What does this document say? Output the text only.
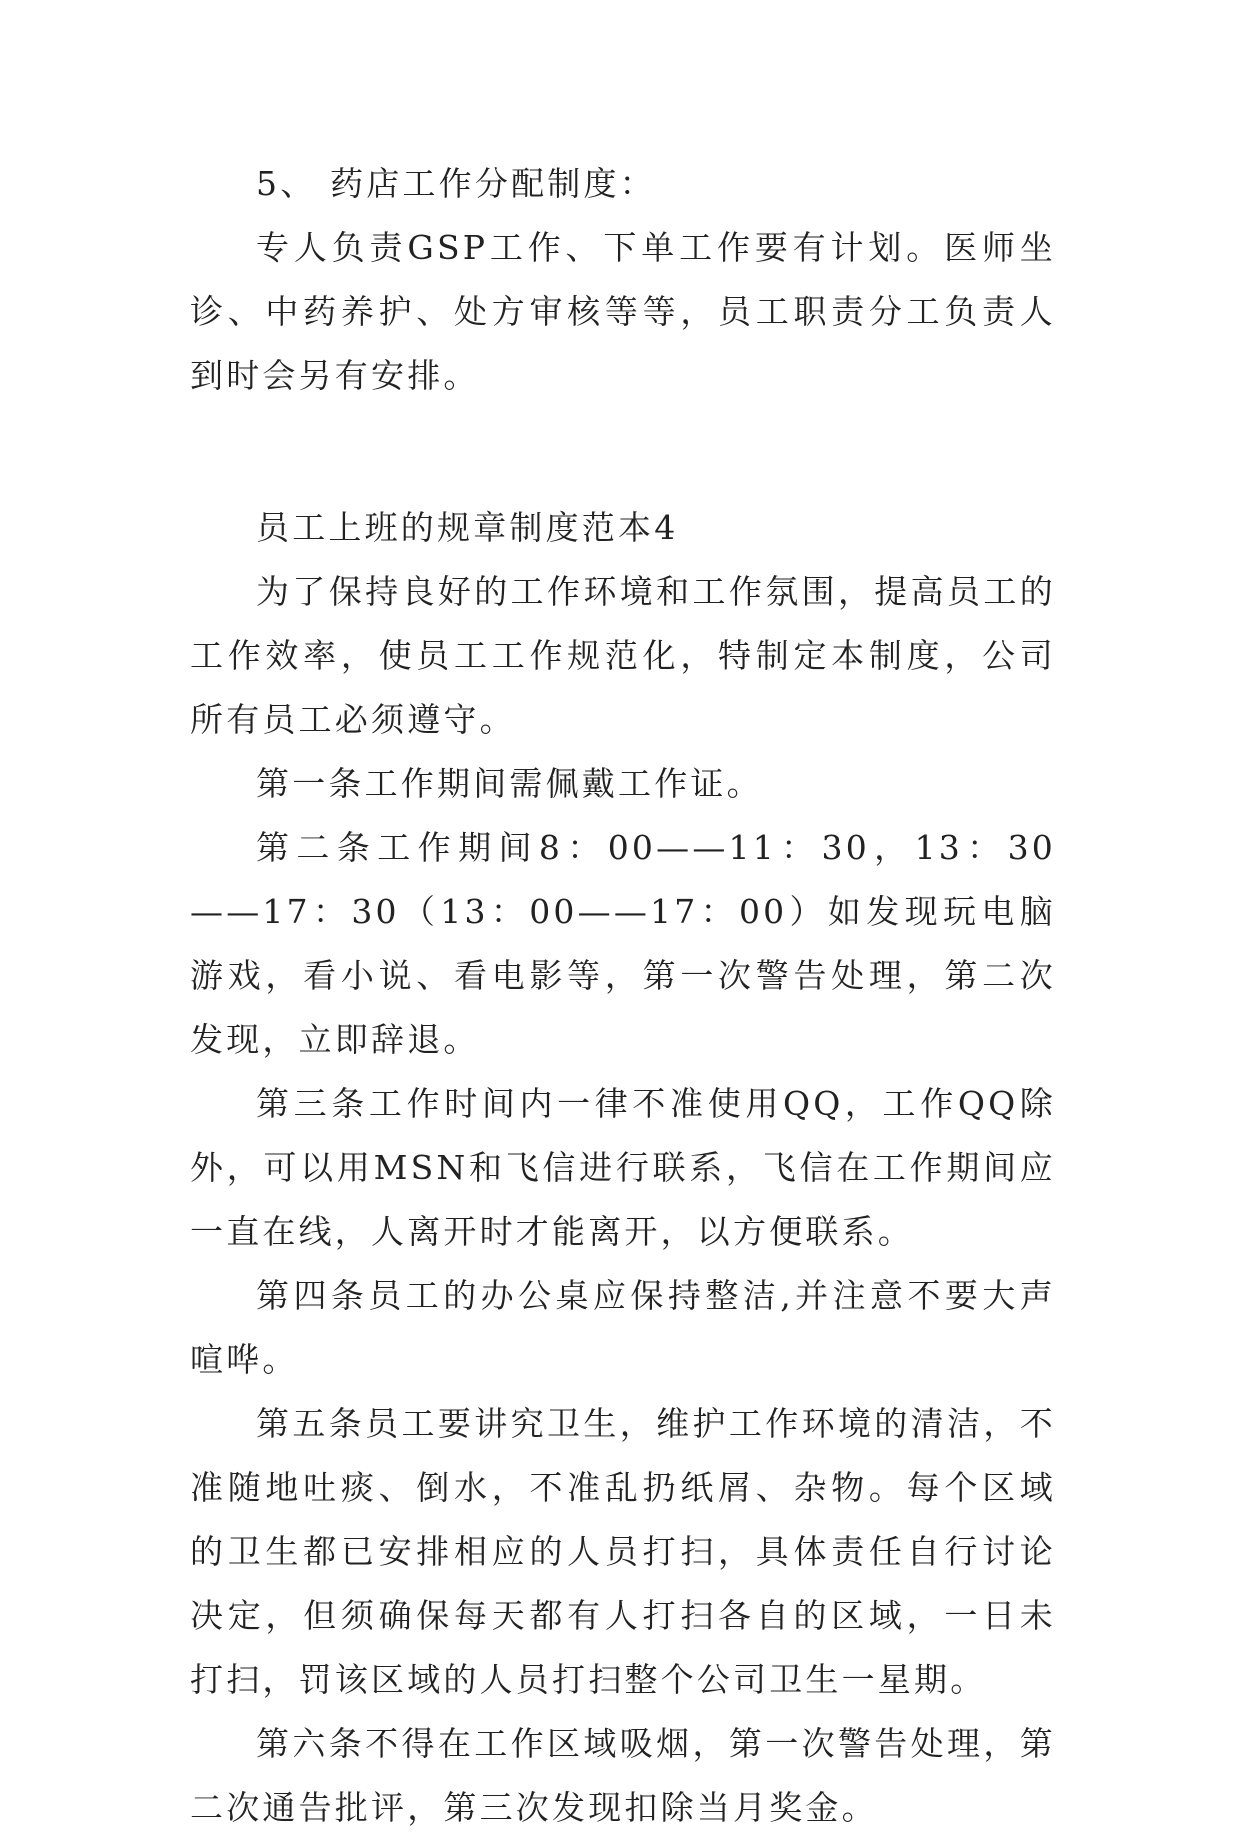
5、 药店工作分配制度：

专人负责GSP工作、下单工作要有计划。医师坐诊、中药养护、处方审核等等，员工职责分工负责人到时会另有安排。

员工上班的规章制度范本4

为了保持良好的工作环境和工作氛围，提高员工的工作效率，使员工工作规范化，特制定本制度，公司所有员工必须遵守。

第一条工作期间需佩戴工作证。

第二条工作期间8：00——11：30，13：30——17：30（13：00——17：00）如发现玩电脑游戏，看小说、看电影等，第一次警告处理，第二次发现，立即辞退。

第三条工作时间内一律不准使用QQ，工作QQ除外，可以用MSN和飞信进行联系，飞信在工作期间应一直在线，人离开时才能离开，以方便联系。

第四条员工的办公桌应保持整洁,并注意不要大声喧哗。

第五条员工要讲究卫生，维护工作环境的清洁，不准随地吐痰、倒水，不准乱扔纸屑、杂物。每个区域的卫生都已安排相应的人员打扫，具体责任自行讨论决定，但须确保每天都有人打扫各自的区域，一日未打扫，罚该区域的人员打扫整个公司卫生一星期。

第六条不得在工作区域吸烟，第一次警告处理，第二次通告批评，第三次发现扣除当月奖金。
